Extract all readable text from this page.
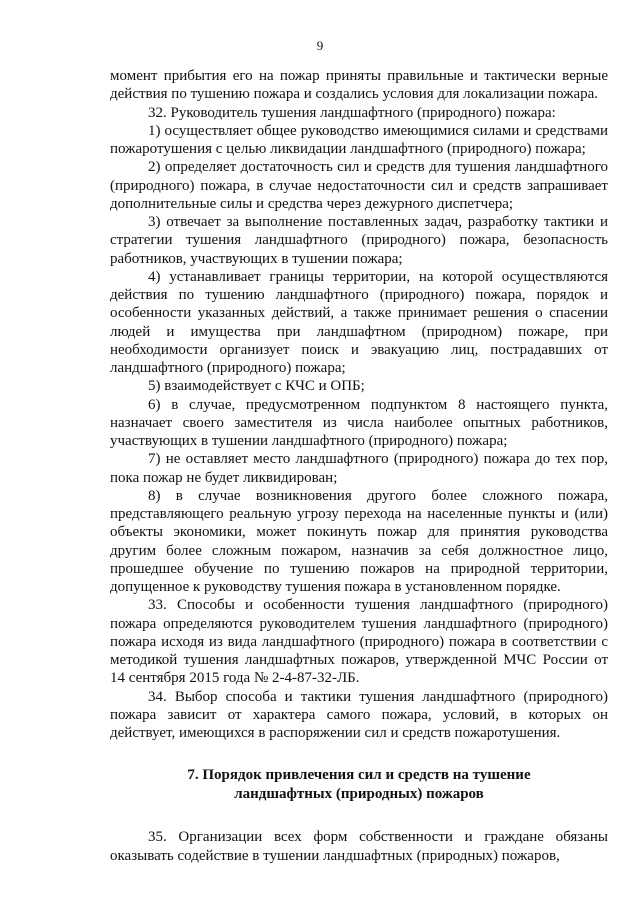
9

момент прибытия его на пожар приняты правильные и тактически верные действия по тушению пожара и создались условия для локализации пожара.

32. Руководитель тушения ландшафтного (природного) пожара:

1) осуществляет общее руководство имеющимися силами и средствами пожаротушения с целью ликвидации ландшафтного (природного) пожара;

2) определяет достаточность сил и средств для тушения ландшафтного (природного) пожара, в случае недостаточности сил и средств запрашивает дополнительные силы и средства через дежурного диспетчера;

3) отвечает за выполнение поставленных задач, разработку тактики и стратегии тушения ландшафтного (природного) пожара, безопасность работников, участвующих в тушении пожара;

4) устанавливает границы территории, на которой осуществляются действия по тушению ландшафтного (природного) пожара, порядок и особенности указанных действий, а также принимает решения о спасении людей и имущества при ландшафтном (природном) пожаре, при необходимости организует поиск и эвакуацию лиц, пострадавших от ландшафтного (природного) пожара;

5) взаимодействует с КЧС и ОПБ;

6) в случае, предусмотренном подпунктом 8 настоящего пункта, назначает своего заместителя из числа наиболее опытных работников, участвующих в тушении ландшафтного (природного) пожара;

7) не оставляет место ландшафтного (природного) пожара до тех пор, пока пожар не будет ликвидирован;

8) в случае возникновения другого более сложного пожара, представляющего реальную угрозу перехода на населенные пункты и (или) объекты экономики, может покинуть пожар для принятия руководства другим более сложным пожаром, назначив за себя должностное лицо, прошедшее обучение по тушению пожаров на природной территории, допущенное к руководству тушения пожара в установленном порядке.

33. Способы и особенности тушения ландшафтного (природного) пожара определяются руководителем тушения ландшафтного (природного) пожара исходя из вида ландшафтного (природного) пожара в соответствии с методикой тушения ландшафтных пожаров, утвержденной МЧС России от 14 сентября 2015 года № 2-4-87-32-ЛБ.

34. Выбор способа и тактики тушения ландшафтного (природного) пожара зависит от характера самого пожара, условий, в которых он действует, имеющихся в распоряжении сил и средств пожаротушения.

7. Порядок привлечения сил и средств на тушение
ландшафтных (природных) пожаров

35. Организации всех форм собственности и граждане обязаны оказывать содействие в тушении ландшафтных (природных) пожаров,
